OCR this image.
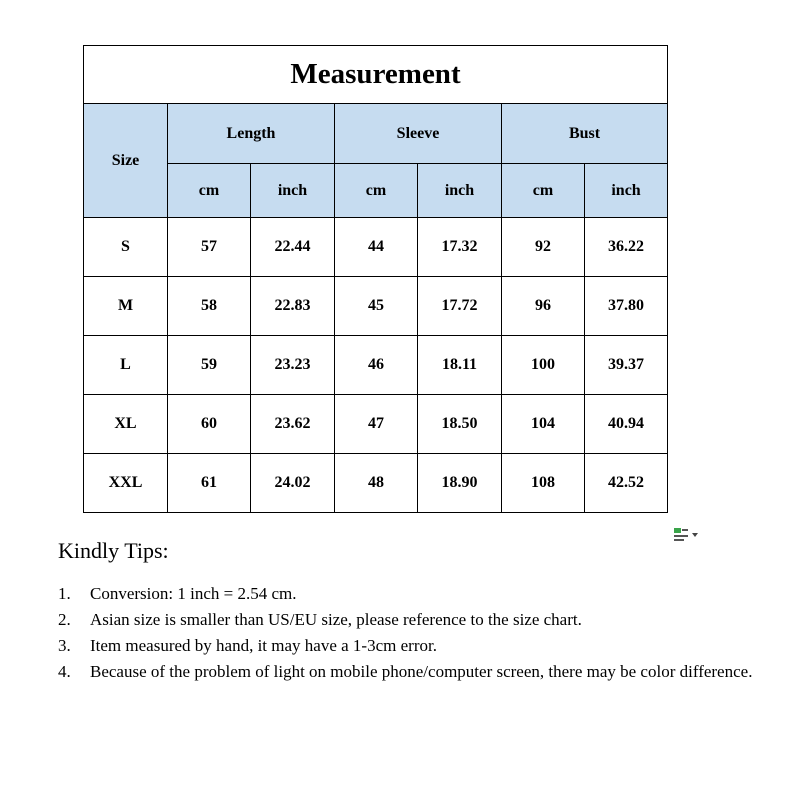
Measurement						
Size	Length		Sleeve		Bust	
	cm	inch	cm	inch	cm	inch
S	57	22.44	44	17.32	92	36.22
M	58	22.83	45	17.72	96	37.80
L	59	23.23	46	18.11	100	39.37
XL	60	23.62	47	18.50	104	40.94
XXL	61	24.02	48	18.90	108	42.52
Kindly Tips:
1. Conversion: 1 inch = 2.54 cm.
2. Asian size is smaller than US/EU size, please reference to the size chart.
3. Item measured by hand, it may have a 1-3cm error.
4. Because of the problem of light on mobile phone/computer screen, there may be color difference.
